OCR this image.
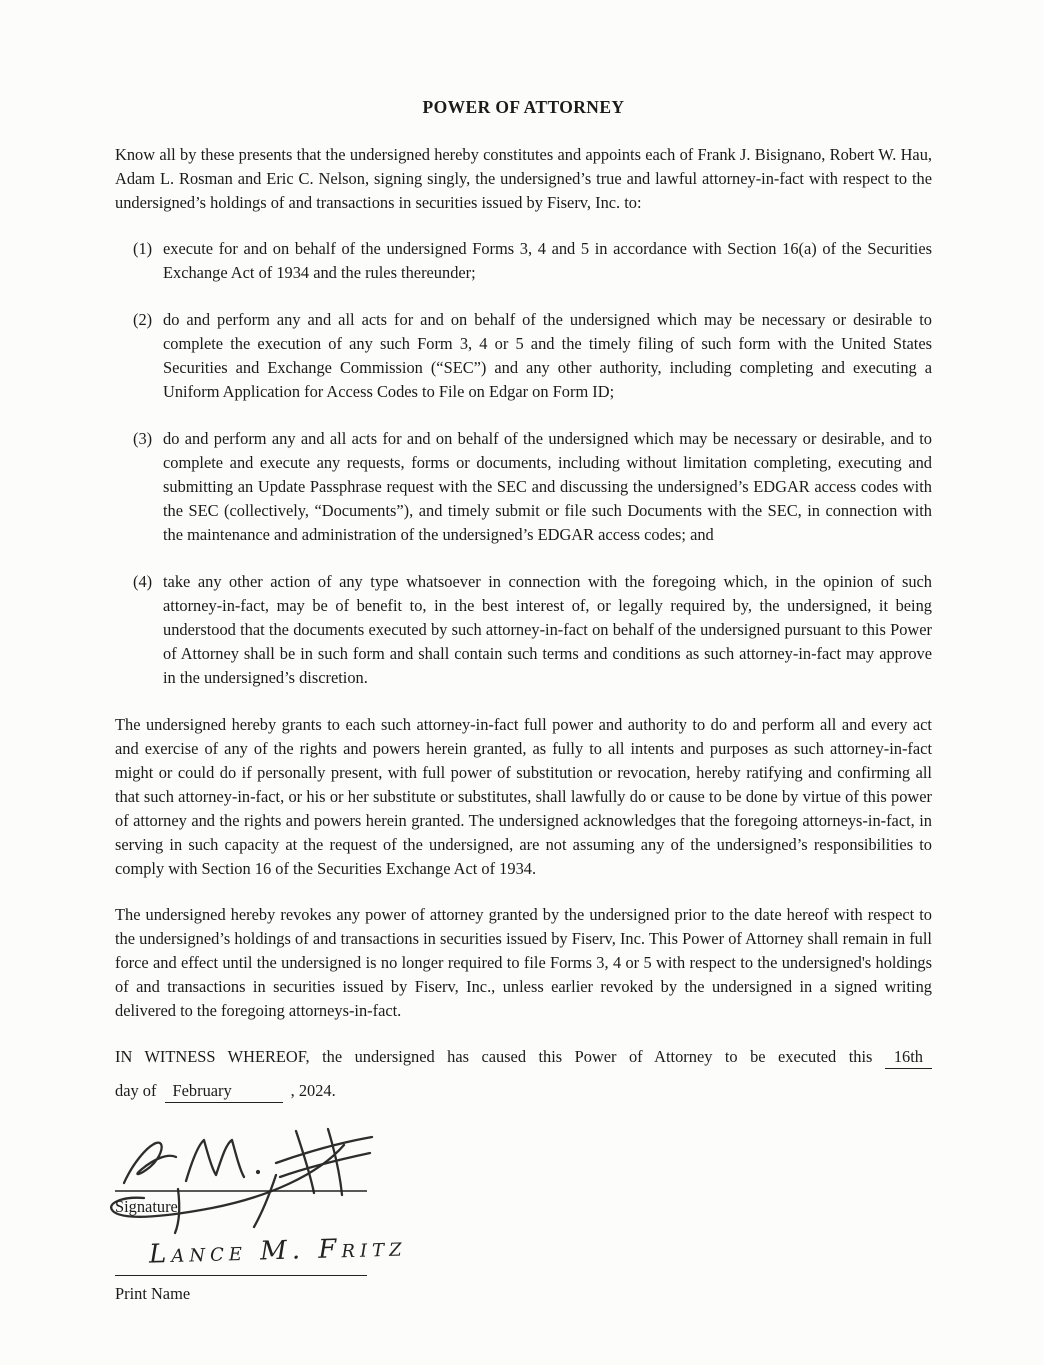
POWER OF ATTORNEY

Know all by these presents that the undersigned hereby constitutes and appoints each of Frank J. Bisignano, Robert W. Hau, Adam L. Rosman and Eric C. Nelson, signing singly, the undersigned’s true and lawful attorney-in-fact with respect to the undersigned’s holdings of and transactions in securities issued by Fiserv, Inc. to:

(1) execute for and on behalf of the undersigned Forms 3, 4 and 5 in accordance with Section 16(a) of the Securities Exchange Act of 1934 and the rules thereunder;
(2) do and perform any and all acts for and on behalf of the undersigned which may be necessary or desirable to complete the execution of any such Form 3, 4 or 5 and the timely filing of such form with the United States Securities and Exchange Commission (“SEC”) and any other authority, including completing and executing a Uniform Application for Access Codes to File on Edgar on Form ID;
(3) do and perform any and all acts for and on behalf of the undersigned which may be necessary or desirable, and to complete and execute any requests, forms or documents, including without limitation completing, executing and submitting an Update Passphrase request with the SEC and discussing the undersigned’s EDGAR access codes with the SEC (collectively, “Documents”), and timely submit or file such Documents with the SEC, in connection with the maintenance and administration of the undersigned’s EDGAR access codes; and
(4) take any other action of any type whatsoever in connection with the foregoing which, in the opinion of such attorney-in-fact, may be of benefit to, in the best interest of, or legally required by, the undersigned, it being understood that the documents executed by such attorney-in-fact on behalf of the undersigned pursuant to this Power of Attorney shall be in such form and shall contain such terms and conditions as such attorney-in-fact may approve in the undersigned’s discretion.

The undersigned hereby grants to each such attorney-in-fact full power and authority to do and perform all and every act and exercise of any of the rights and powers herein granted, as fully to all intents and purposes as such attorney-in-fact might or could do if personally present, with full power of substitution or revocation, hereby ratifying and confirming all that such attorney-in-fact, or his or her substitute or substitutes, shall lawfully do or cause to be done by virtue of this power of attorney and the rights and powers herein granted. The undersigned acknowledges that the foregoing attorneys-in-fact, in serving in such capacity at the request of the undersigned, are not assuming any of the undersigned’s responsibilities to comply with Section 16 of the Securities Exchange Act of 1934.

The undersigned hereby revokes any power of attorney granted by the undersigned prior to the date hereof with respect to the undersigned’s holdings of and transactions in securities issued by Fiserv, Inc. This Power of Attorney shall remain in full force and effect until the undersigned is no longer required to file Forms 3, 4 or 5 with respect to the undersigned's holdings of and transactions in securities issued by Fiserv, Inc., unless earlier revoked by the undersigned in a signed writing delivered to the foregoing attorneys-in-fact.

IN WITNESS WHEREOF, the undersigned has caused this Power of Attorney to be executed this 16th
day of February	, 2024.

Signature
Lance M. Fritz
Print Name
